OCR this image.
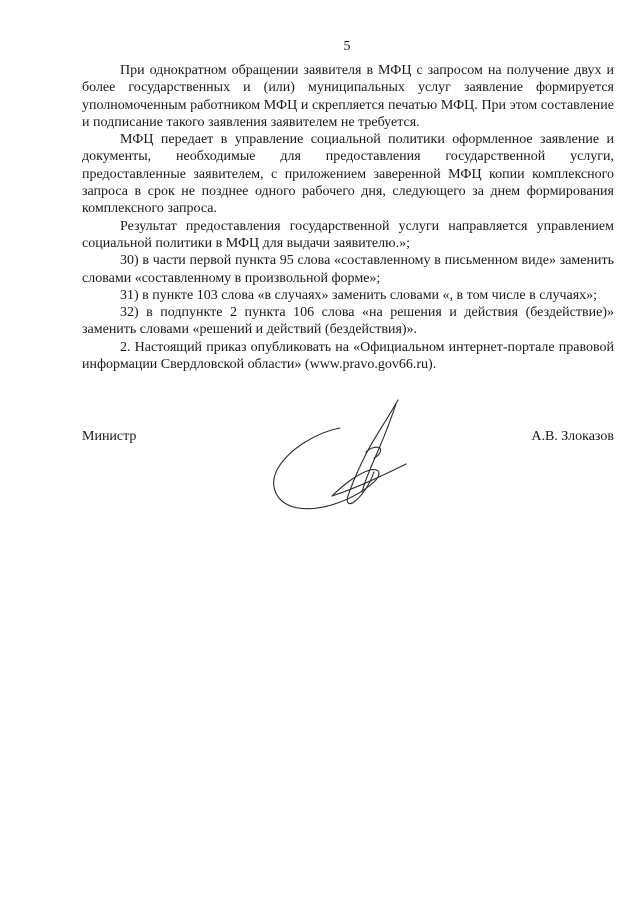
5

При однократном обращении заявителя в МФЦ с запросом на получение двух и более государственных и (или) муниципальных услуг заявление формируется уполномоченным работником МФЦ и скрепляется печатью МФЦ. При этом составление и подписание такого заявления заявителем не требуется.

МФЦ передает в управление социальной политики оформленное заявление и документы, необходимые для предоставления государственной услуги, предоставленные заявителем, с приложением заверенной МФЦ копии комплексного запроса в срок не позднее одного рабочего дня, следующего за днем формирования комплексного запроса.

Результат предоставления государственной услуги направляется управлением социальной политики в МФЦ для выдачи заявителю.»;

30) в части первой пункта 95 слова «составленному в письменном виде» заменить словами «составленному в произвольной форме»;

31) в пункте 103 слова «в случаях» заменить словами «, в том числе в случаях»;

32) в подпункте 2 пункта 106 слова «на решения и действия (бездействие)» заменить словами «решений и действий (бездействия)».

2. Настоящий приказ опубликовать на «Официальном интернет-портале правовой информации Свердловской области» (www.pravo.gov66.ru).

Министр	А.В. Злоказов
